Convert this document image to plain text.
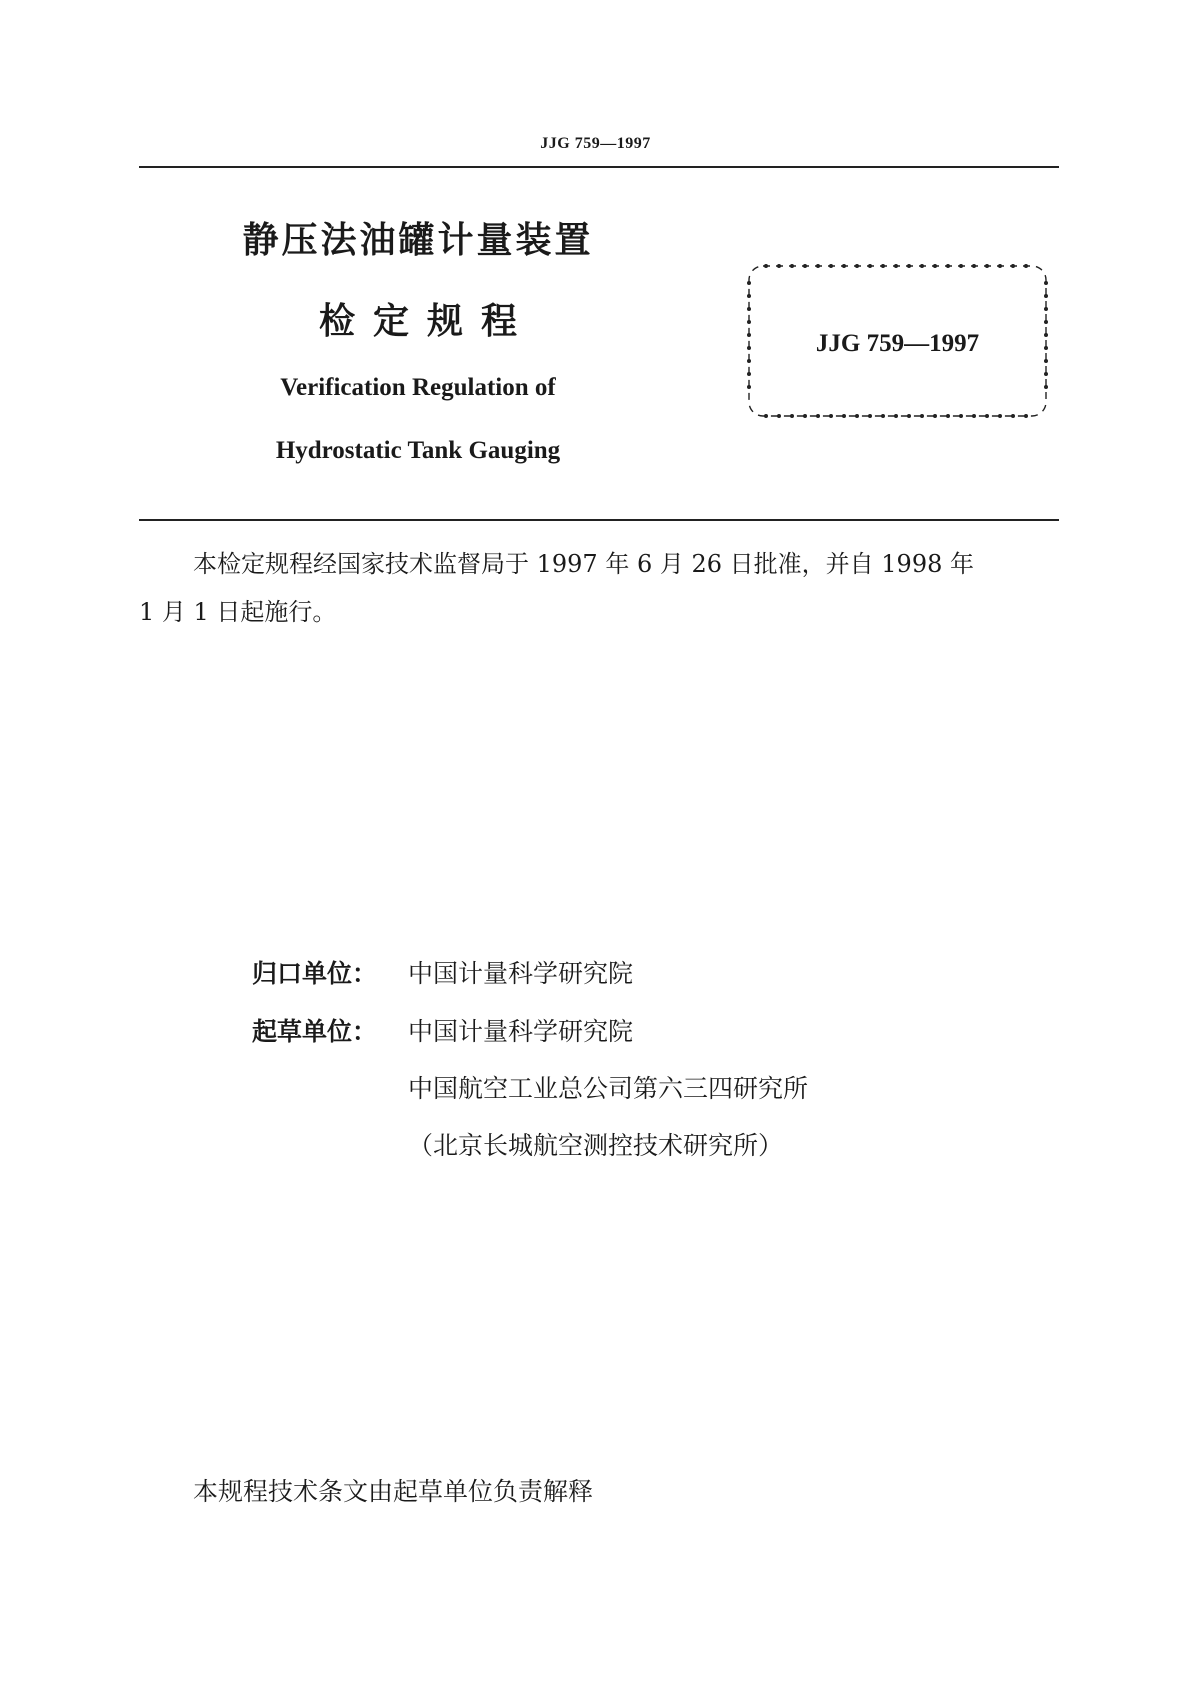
JJG 759—1997
静压法油罐计量装置
检定规程
Verification Regulation of
Hydrostatic Tank Gauging
JJG 759—1997
本检定规程经国家技术监督局于 1997 年 6 月 26 日批准，并自 1998 年
1 月 1 日起施行。
归口单位：	中国计量科学研究院
起草单位：	中国计量科学研究院
中国航空工业总公司第六三四研究所
（北京长城航空测控技术研究所）
本规程技术条文由起草单位负责解释
